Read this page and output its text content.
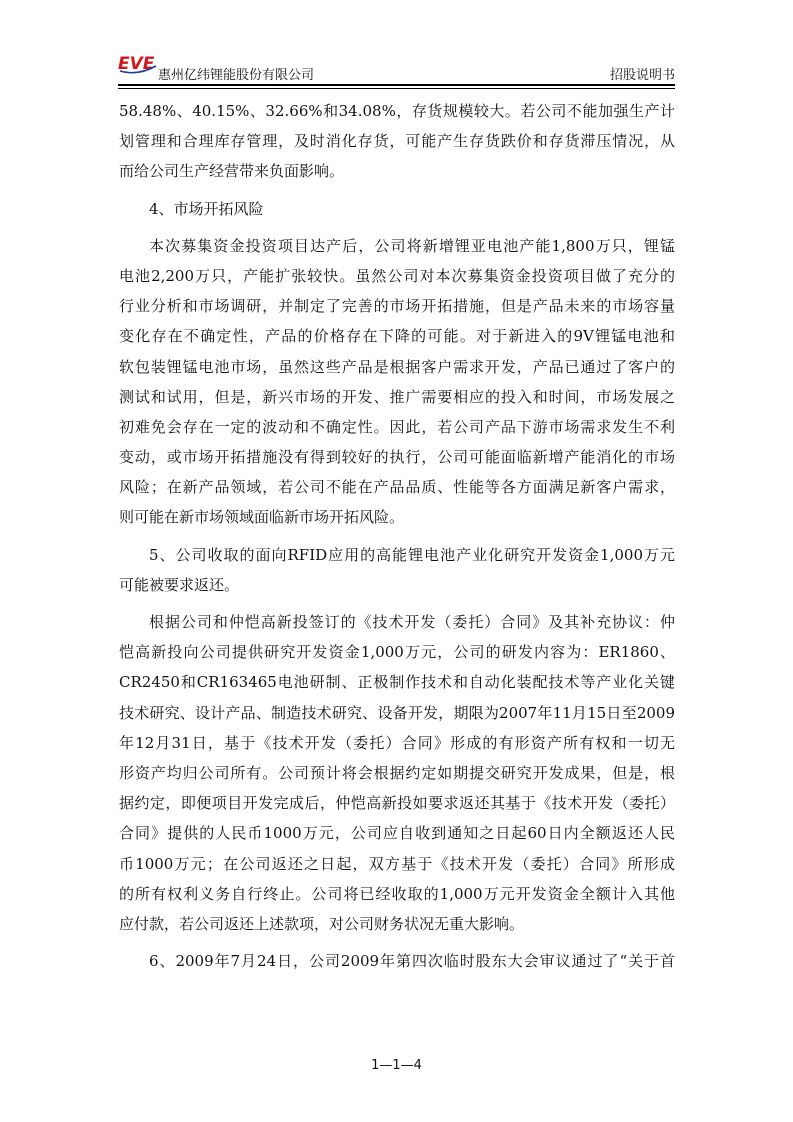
EVE
惠州亿纬锂能股份有限公司	招股说明书
58.48%、40.15%、32.66%和34.08%，存货规模较大。若公司不能加强生产计
划管理和合理库存管理，及时消化存货，可能产生存货跌价和存货滞压情况，从
而给公司生产经营带来负面影响。
4、市场开拓风险
本次募集资金投资项目达产后，公司将新增锂亚电池产能1,800万只，锂锰
电池2,200万只，产能扩张较快。虽然公司对本次募集资金投资项目做了充分的
行业分析和市场调研，并制定了完善的市场开拓措施，但是产品未来的市场容量
变化存在不确定性，产品的价格存在下降的可能。对于新进入的9V锂锰电池和
软包装锂锰电池市场，虽然这些产品是根据客户需求开发，产品已通过了客户的
测试和试用，但是，新兴市场的开发、推广需要相应的投入和时间，市场发展之
初难免会存在一定的波动和不确定性。因此，若公司产品下游市场需求发生不利
变动，或市场开拓措施没有得到较好的执行，公司可能面临新增产能消化的市场
风险；在新产品领域，若公司不能在产品品质、性能等各方面满足新客户需求，
则可能在新市场领域面临新市场开拓风险。
5、公司收取的面向RFID应用的高能锂电池产业化研究开发资金1,000万元
可能被要求返还。
根据公司和仲恺高新投签订的《技术开发（委托）合同》及其补充协议：仲
恺高新投向公司提供研究开发资金1,000万元，公司的研发内容为：ER1860、
CR2450和CR163465电池研制、正极制作技术和自动化装配技术等产业化关键
技术研究、设计产品、制造技术研究、设备开发，期限为2007年11月15日至2009
年12月31日，基于《技术开发（委托）合同》形成的有形资产所有权和一切无
形资产均归公司所有。公司预计将会根据约定如期提交研究开发成果，但是，根
据约定，即便项目开发完成后，仲恺高新投如要求返还其基于《技术开发（委托）
合同》提供的人民币1000万元，公司应自收到通知之日起60日内全额返还人民
币1000万元；在公司返还之日起，双方基于《技术开发（委托）合同》所形成
的所有权利义务自行终止。公司将已经收取的1,000万元开发资金全额计入其他
应付款，若公司返还上述款项，对公司财务状况无重大影响。
6、2009年7月24日，公司2009年第四次临时股东大会审议通过了“关于首
1—1—4
